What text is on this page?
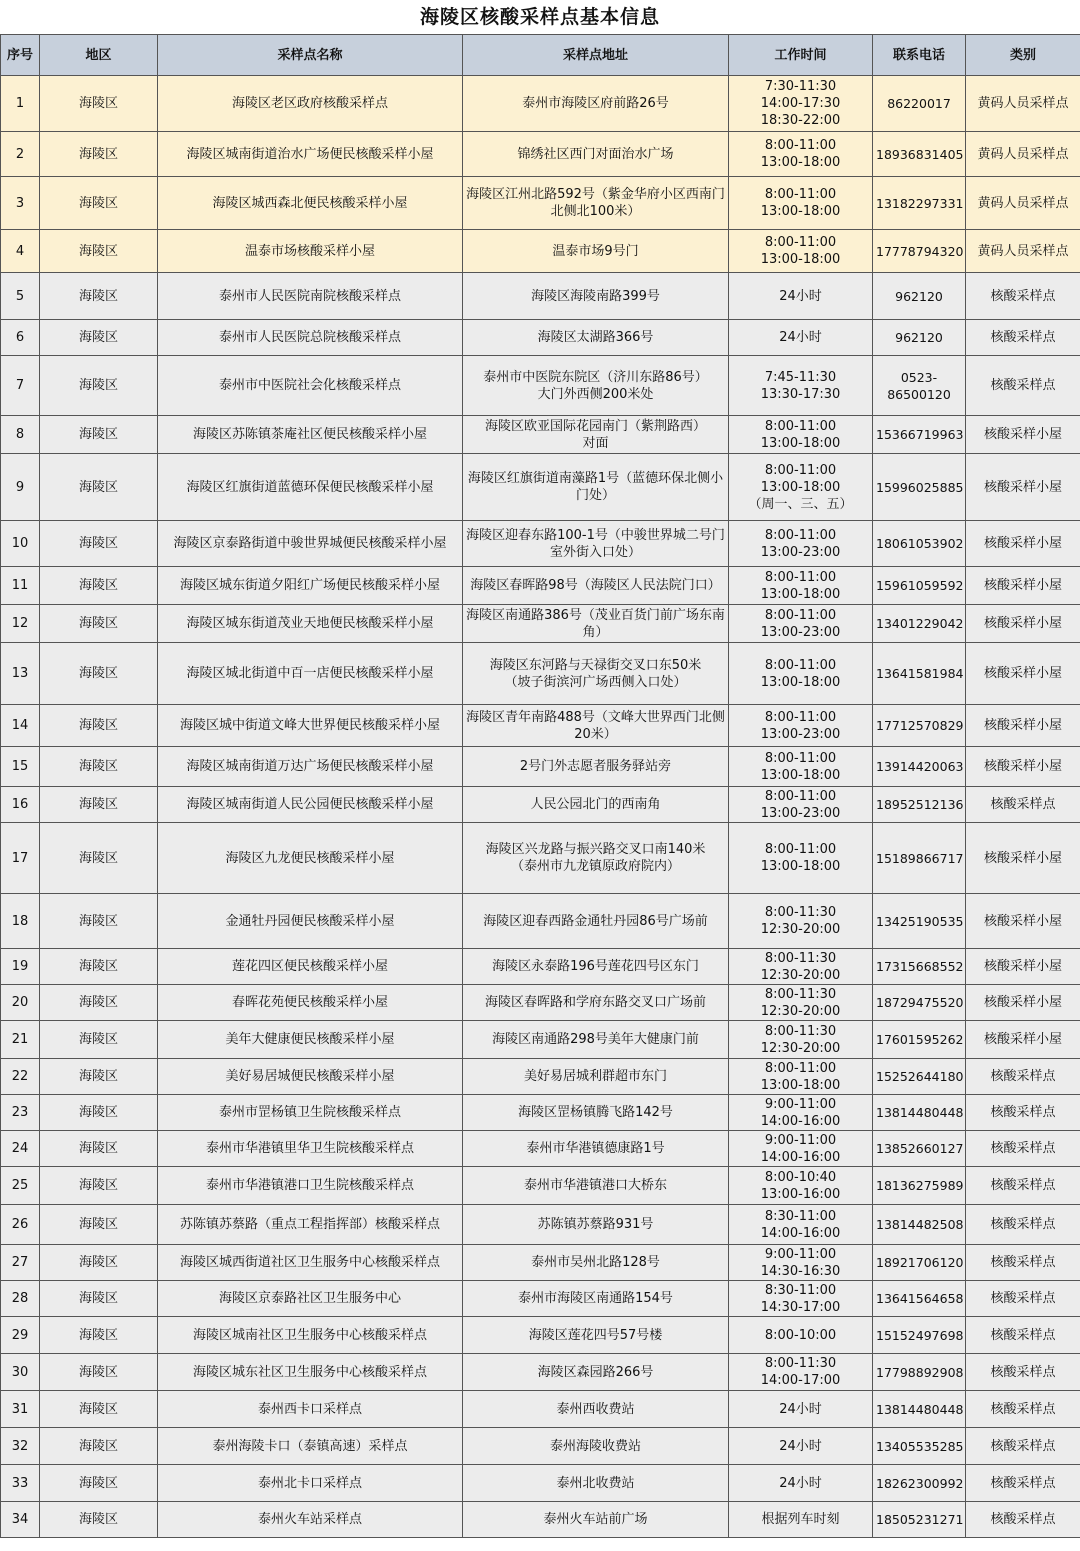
海陵区核酸采样点基本信息
序号	地区	采样点名称	采样点地址	工作时间	联系电话	类别
1	海陵区	海陵区老区政府核酸采样点	泰州市海陵区府前路26号	7:30-11:30
14:00-17:30
18:30-22:00	86220017	黄码人员采样点
2	海陵区	海陵区城南街道治水广场便民核酸采样小屋	锦绣社区西门对面治水广场	8:00-11:00
13:00-18:00	18936831405	黄码人员采样点
3	海陵区	海陵区城西森北便民核酸采样小屋	海陵区江州北路592号（紫金华府小区西南门北侧北100米）	8:00-11:00
13:00-18:00	13182297331	黄码人员采样点
4	海陵区	温泰市场核酸采样小屋	温泰市场9号门	8:00-11:00
13:00-18:00	17778794320	黄码人员采样点
5	海陵区	泰州市人民医院南院核酸采样点	海陵区海陵南路399号	24小时	962120	核酸采样点
6	海陵区	泰州市人民医院总院核酸采样点	海陵区太湖路366号	24小时	962120	核酸采样点
7	海陵区	泰州市中医院社会化核酸采样点	泰州市中医院东院区（济川东路86号）
大门外西侧200米处	7:45-11:30
13:30-17:30	0523-
86500120	核酸采样点
8	海陵区	海陵区苏陈镇茶庵社区便民核酸采样小屋	海陵区欧亚国际花园南门（紫荆路西）
对面	8:00-11:00
13:00-18:00	15366719963	核酸采样小屋
9	海陵区	海陵区红旗街道蓝德环保便民核酸采样小屋	海陵区红旗街道南藻路1号（蓝德环保北侧小门处）	8:00-11:00
13:00-18:00
（周一、三、五）	15996025885	核酸采样小屋
10	海陵区	海陵区京泰路街道中骏世界城便民核酸采样小屋	海陵区迎春东路100-1号（中骏世界城二号门室外街入口处）	8:00-11:00
13:00-23:00	18061053902	核酸采样小屋
11	海陵区	海陵区城东街道夕阳红广场便民核酸采样小屋	海陵区春晖路98号（海陵区人民法院门口）	8:00-11:00
13:00-18:00	15961059592	核酸采样小屋
12	海陵区	海陵区城东街道茂业天地便民核酸采样小屋	海陵区南通路386号（茂业百货门前广场东南角）	8:00-11:00
13:00-23:00	13401229042	核酸采样小屋
13	海陵区	海陵区城北街道中百一店便民核酸采样小屋	海陵区东河路与天禄街交叉口东50米
（坡子街滨河广场西侧入口处）	8:00-11:00
13:00-18:00	13641581984	核酸采样小屋
14	海陵区	海陵区城中街道文峰大世界便民核酸采样小屋	海陵区青年南路488号（文峰大世界西门北侧20米）	8:00-11:00
13:00-23:00	17712570829	核酸采样小屋
15	海陵区	海陵区城南街道万达广场便民核酸采样小屋	2号门外志愿者服务驿站旁	8:00-11:00
13:00-18:00	13914420063	核酸采样小屋
16	海陵区	海陵区城南街道人民公园便民核酸采样小屋	人民公园北门的西南角	8:00-11:00
13:00-23:00	18952512136	核酸采样点
17	海陵区	海陵区九龙便民核酸采样小屋	海陵区兴龙路与振兴路交叉口南140米
（泰州市九龙镇原政府院内）	8:00-11:00
13:00-18:00	15189866717	核酸采样小屋
18	海陵区	金通牡丹园便民核酸采样小屋	海陵区迎春西路金通牡丹园86号广场前	8:00-11:30
12:30-20:00	13425190535	核酸采样小屋
19	海陵区	莲花四区便民核酸采样小屋	海陵区永泰路196号莲花四号区东门	8:00-11:30
12:30-20:00	17315668552	核酸采样小屋
20	海陵区	春晖花苑便民核酸采样小屋	海陵区春晖路和学府东路交叉口广场前	8:00-11:30
12:30-20:00	18729475520	核酸采样小屋
21	海陵区	美年大健康便民核酸采样小屋	海陵区南通路298号美年大健康门前	8:00-11:30
12:30-20:00	17601595262	核酸采样小屋
22	海陵区	美好易居城便民核酸采样小屋	美好易居城利群超市东门	8:00-11:00
13:00-18:00	15252644180	核酸采样点
23	海陵区	泰州市罡杨镇卫生院核酸采样点	海陵区罡杨镇腾飞路142号	9:00-11:00
14:00-16:00	13814480448	核酸采样点
24	海陵区	泰州市华港镇里华卫生院核酸采样点	泰州市华港镇德康路1号	9:00-11:00
14:00-16:00	13852660127	核酸采样点
25	海陵区	泰州市华港镇港口卫生院核酸采样点	泰州市华港镇港口大桥东	8:00-10:40
13:00-16:00	18136275989	核酸采样点
26	海陵区	苏陈镇苏蔡路（重点工程指挥部）核酸采样点	苏陈镇苏蔡路931号	8:30-11:00
14:00-16:00	13814482508	核酸采样点
27	海陵区	海陵区城西街道社区卫生服务中心核酸采样点	泰州市吴州北路128号	9:00-11:00
14:30-16:30	18921706120	核酸采样点
28	海陵区	海陵区京泰路社区卫生服务中心	泰州市海陵区南通路154号	8:30-11:00
14:30-17:00	13641564658	核酸采样点
29	海陵区	海陵区城南社区卫生服务中心核酸采样点	海陵区莲花四号57号楼	8:00-10:00	15152497698	核酸采样点
30	海陵区	海陵区城东社区卫生服务中心核酸采样点	海陵区森园路266号	8:00-11:30
14:00-17:00	17798892908	核酸采样点
31	海陵区	泰州西卡口采样点	泰州西收费站	24小时	13814480448	核酸采样点
32	海陵区	泰州海陵卡口（泰镇高速）采样点	泰州海陵收费站	24小时	13405535285	核酸采样点
33	海陵区	泰州北卡口采样点	泰州北收费站	24小时	18262300992	核酸采样点
34	海陵区	泰州火车站采样点	泰州火车站前广场	根据列车时刻	18505231271	核酸采样点
